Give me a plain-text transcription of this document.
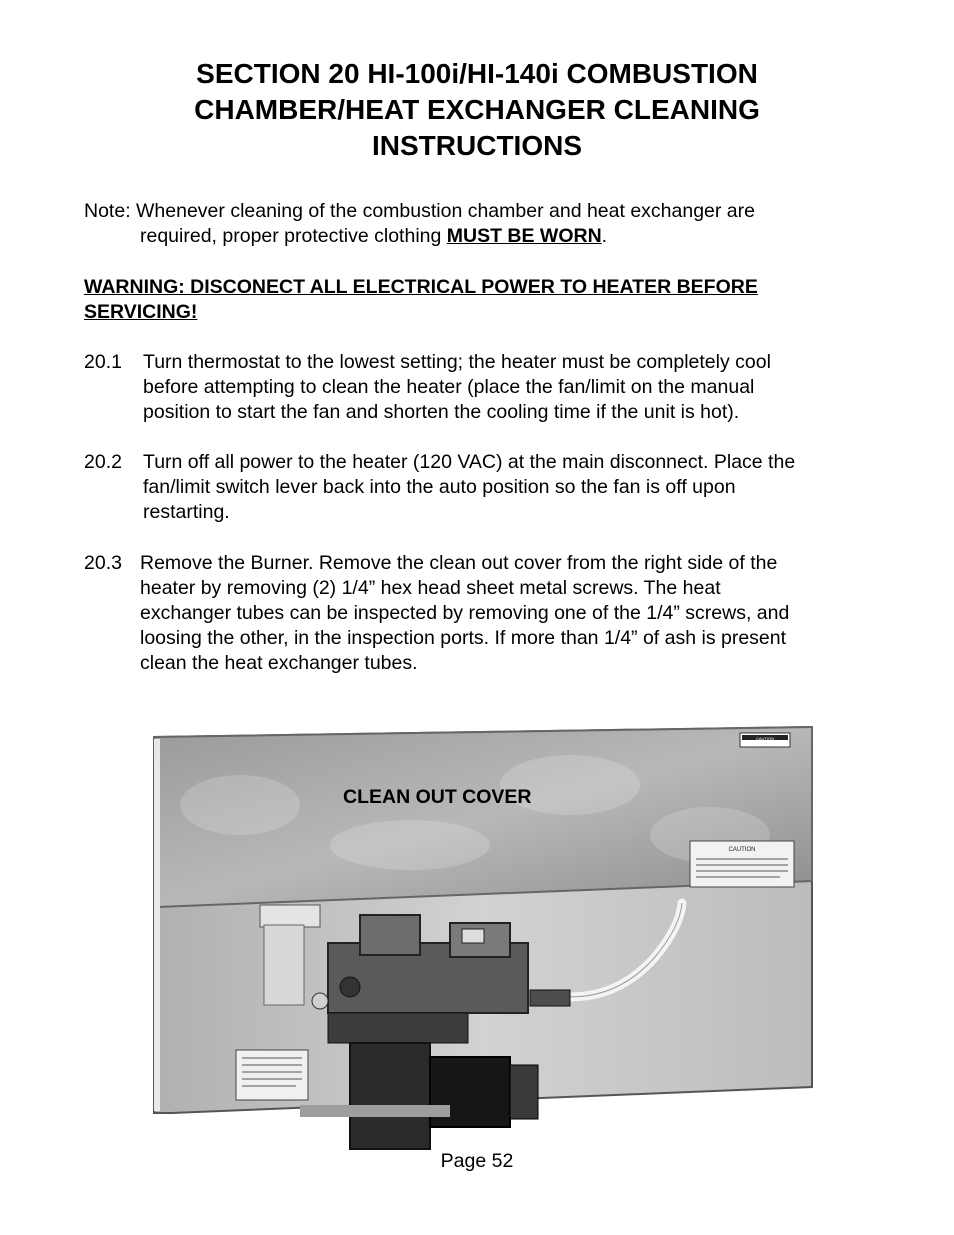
SECTION 20 HI-100i/HI-140i COMBUSTION
CHAMBER/HEAT EXCHANGER CLEANING
INSTRUCTIONS
Note: Whenever cleaning of the combustion chamber and heat exchanger are
required, proper protective clothing MUST BE WORN.
WARNING: DISCONECT ALL ELECTRICAL POWER TO HEATER BEFORE
SERVICING!
20.1 Turn thermostat to the lowest setting; the heater must be completely cool
before attempting to clean the heater (place the fan/limit on the manual
position to start the fan and shorten the cooling time if the unit is hot).
20.2 Turn off all power to the heater (120 VAC) at the main disconnect. Place the
fan/limit switch lever back into the auto position so the fan is off upon
restarting.
20.3 Remove the Burner. Remove the clean out cover from the right side of the
heater by removing (2) 1/4” hex head sheet metal screws. The heat
exchanger tubes can be inspected by removing one of the 1/4” screws, and
loosing the other, in the inspection ports. If more than 1/4” of ash is present
clean the heat exchanger tubes.
CAUTION
CAUTION
CLEAN OUT COVER
Page 52
